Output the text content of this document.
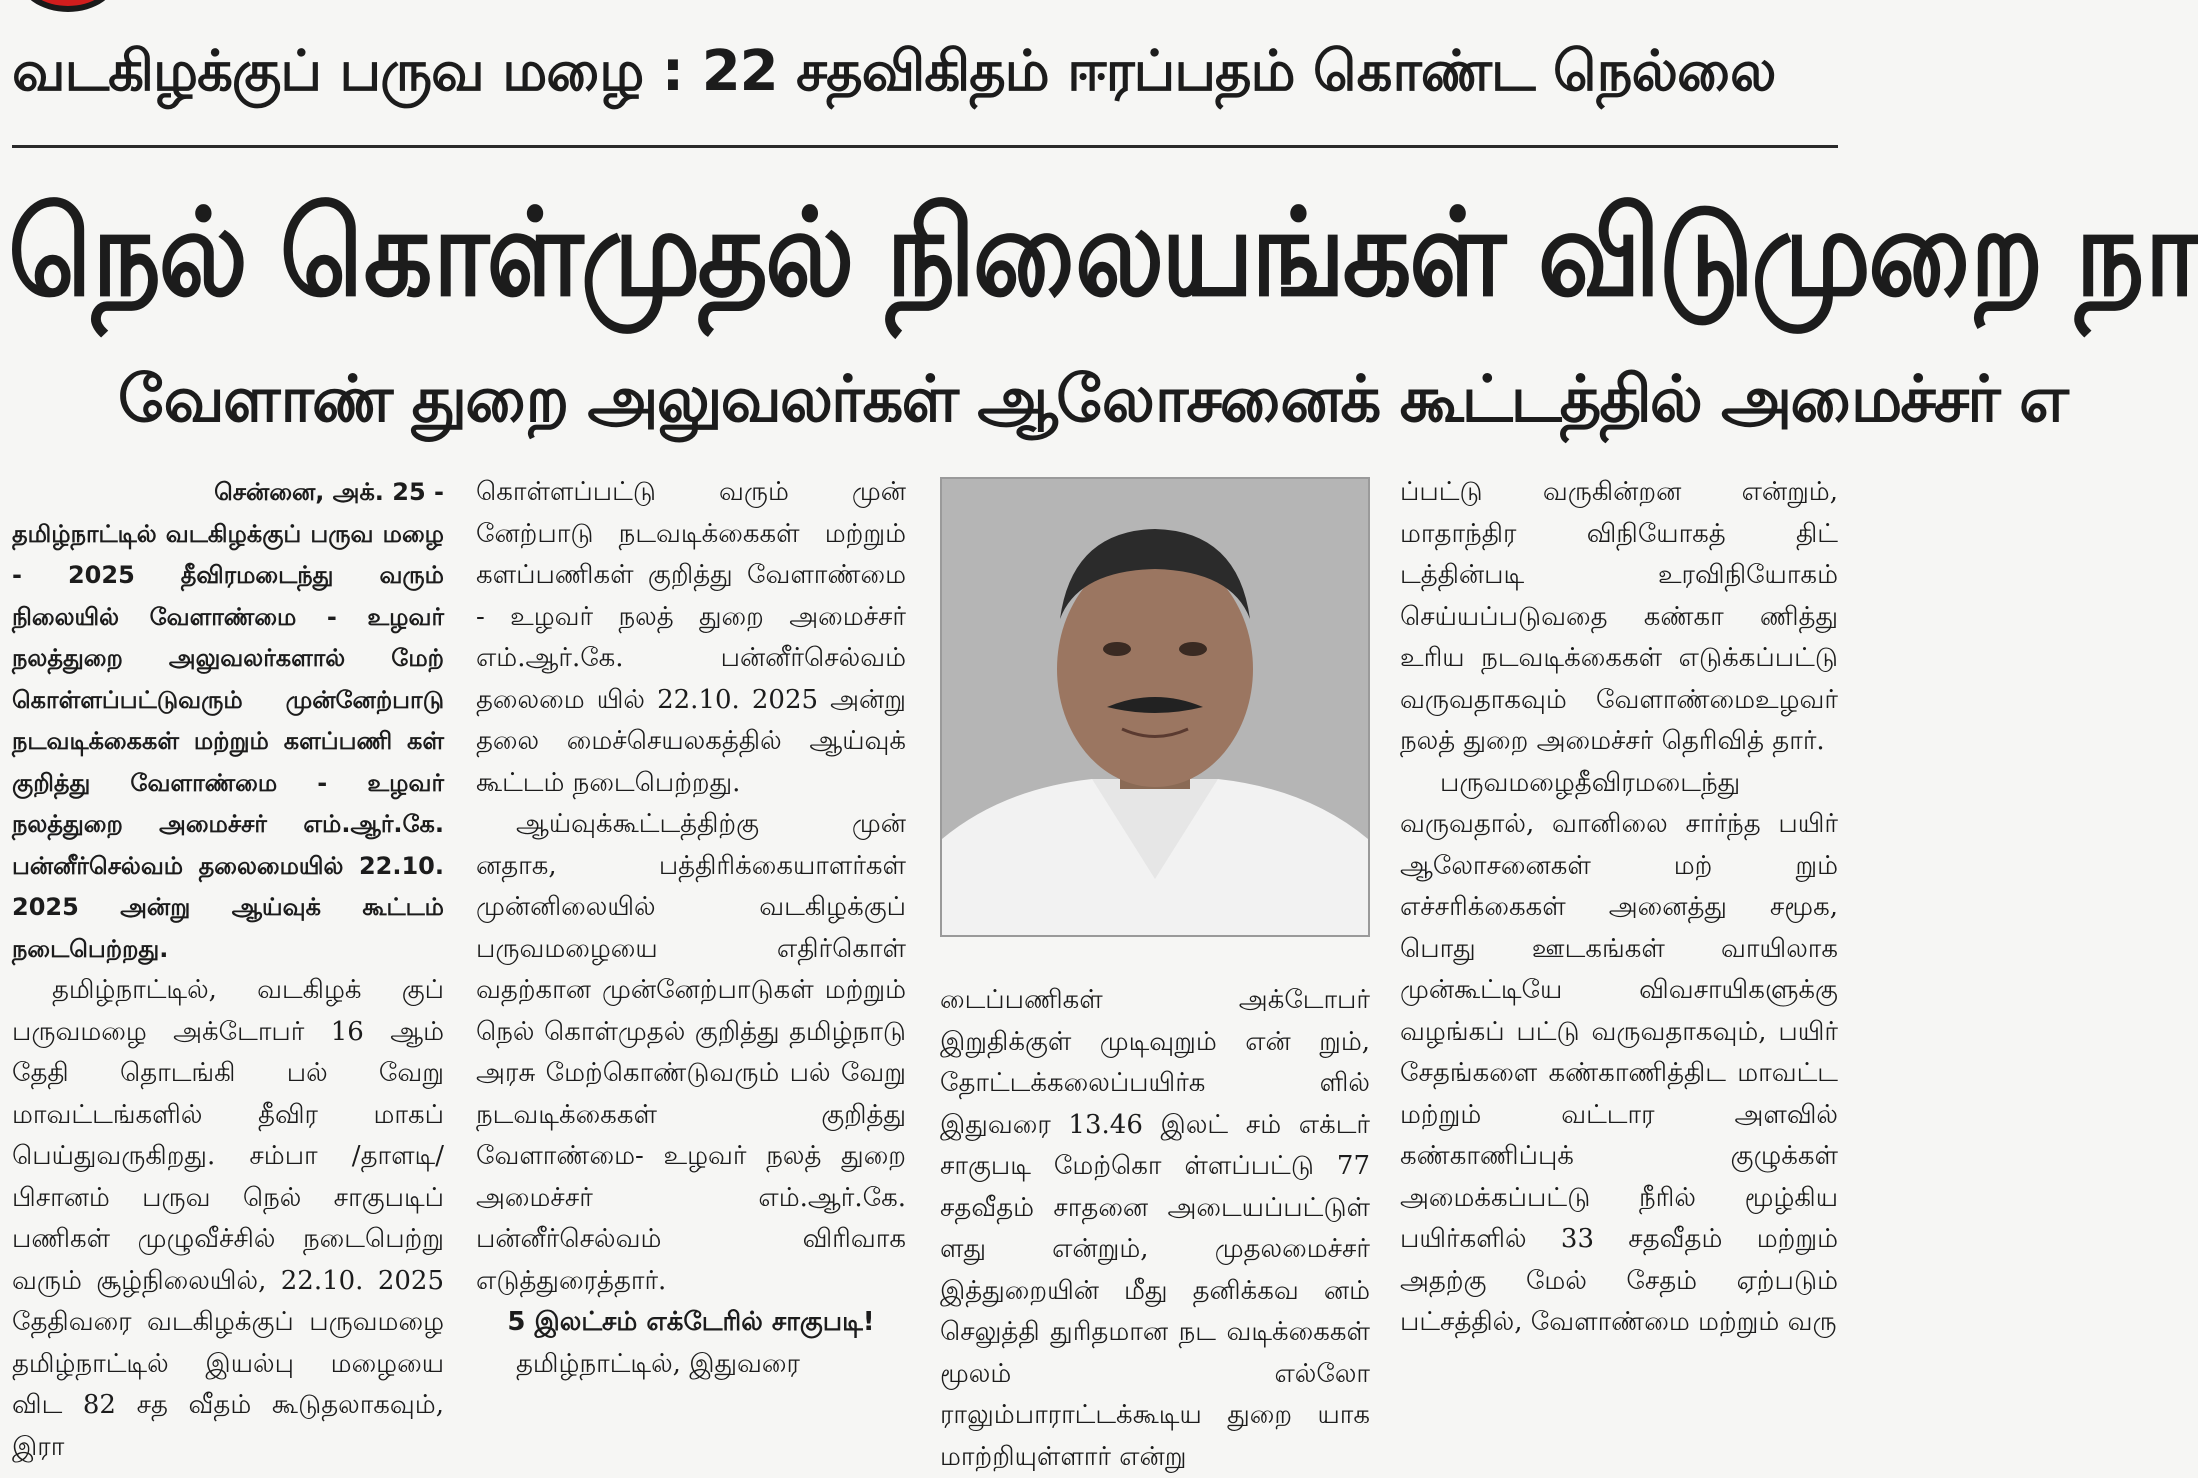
வடகிழக்குப் பருவ மழை : 22 சதவிகிதம் ஈரப்பதம் கொண்ட நெல்லை
நெல் கொள்முதல் நிலையங்கள் விடுமுறை நா
வேளாண் துறை அலுவலர்கள் ஆலோசனைக் கூட்டத்தில் அமைச்சர் எ

சென்னை, அக். 25 -
தமிழ்நாட்டில் வடகிழக்குப் பருவ மழை - 2025 தீவிரமடைந்து வரும் நிலையில் வேளாண்மை - உழவர் நலத்துறை அலுவலர்களால் மேற் கொள்ளப்பட்டுவரும் முன்னேற்பாடு நடவடிக்கைகள் மற்றும் களப்பணி கள் குறித்து வேளாண்மை - உழவர் நலத்துறை அமைச்சர் எம்.ஆர்.கே. பன்னீர்செல்வம் தலைமையில் 22.10. 2025 அன்று ஆய்வுக் கூட்டம் நடைபெற்றது.

தமிழ்நாட்டில், வடகிழக் குப் பருவமழை அக்டோபர் 16 ஆம் தேதி தொடங்கி பல் வேறு மாவட்டங்களில் தீவிர மாகப் பெய்துவருகிறது. சம்பா /தாளடி/பிசானம் பருவ நெல் சாகுபடிப் பணிகள் முழுவீச்சில் நடைபெற்று வரும் சூழ்நிலையில், 22.10. 2025 தேதிவரை வடகிழக்குப் பருவமழை தமிழ்நாட்டில் இயல்பு மழையை விட 82 சத வீதம் கூடுதலாகவும், இரா

கொள்ளப்பட்டு வரும் முன் னேற்பாடு நடவடிக்கைகள் மற்றும் களப்பணிகள் குறித்து வேளாண்மை - உழவர் நலத் துறை அமைச்சர் எம்.ஆர்.கே. பன்னீர்செல்வம் தலைமை யில் 22.10. 2025 அன்று தலை மைச்செயலகத்தில் ஆய்வுக் கூட்டம் நடைபெற்றது.

ஆய்வுக்கூட்டத்திற்கு முன் னதாக, பத்திரிக்கையாளர்கள் முன்னிலையில் வடகிழக்குப் பருவமழையை எதிர்கொள் வதற்கான முன்னேற்பாடுகள் மற்றும் நெல் கொள்முதல் குறித்து தமிழ்நாடு அரசு மேற்கொண்டுவரும் பல் வேறு நடவடிக்கைகள் குறித்து வேளாண்மை- உழவர் நலத் துறை அமைச்சர் எம்.ஆர்.கே. பன்னீர்செல்வம் விரிவாக எடுத்துரைத்தார்.

5 இலட்சம் எக்டேரில் சாகுபடி!

தமிழ்நாட்டில், இதுவரை

டைப்பணிகள் அக்டோபர் இறுதிக்குள் முடிவுறும் என் றும், தோட்டக்கலைப்பயிர்க ளில் இதுவரை 13.46 இலட் சம் எக்டர் சாகுபடி மேற்கொ ள்ளப்பட்டு 77 சதவீதம் சாதனை அடையப்பட்டுள் ளது என்றும், முதலமைச்சர் இத்துறையின் மீது தனிக்கவ னம் செலுத்தி துரிதமான நட வடிக்கைகள் மூலம் எல்லோ ராலும்பாராட்டக்கூடிய துறை யாக மாற்றியுள்ளார் என்று

ப்பட்டு வருகின்றன என்றும், மாதாந்திர விநியோகத் திட் டத்தின்படி உரவிநியோகம் செய்யப்படுவதை கண்கா ணித்து உரிய நடவடிக்கைகள் எடுக்கப்பட்டு வருவதாகவும் வேளாண்மைஉழவர் நலத் துறை அமைச்சர் தெரிவித் தார்.

பருவமழைதீவிரமடைந்து வருவதால், வானிலை சார்ந்த பயிர் ஆலோசனைகள் மற் றும் எச்சரிக்கைகள் அனைத்து சமூக, பொது ஊடகங்கள் வாயிலாக முன்கூட்டியே விவசாயிகளுக்கு வழங்கப் பட்டு வருவதாகவும், பயிர் சேதங்களை கண்காணித்திட மாவட்ட மற்றும் வட்டார அளவில் கண்காணிப்புக் குழுக்கள் அமைக்கப்பட்டு நீரில் மூழ்கிய பயிர்களில் 33 சதவீதம் மற்றும் அதற்கு மேல் சேதம் ஏற்படும் பட்சத்தில், வேளாண்மை மற்றும் வரு
